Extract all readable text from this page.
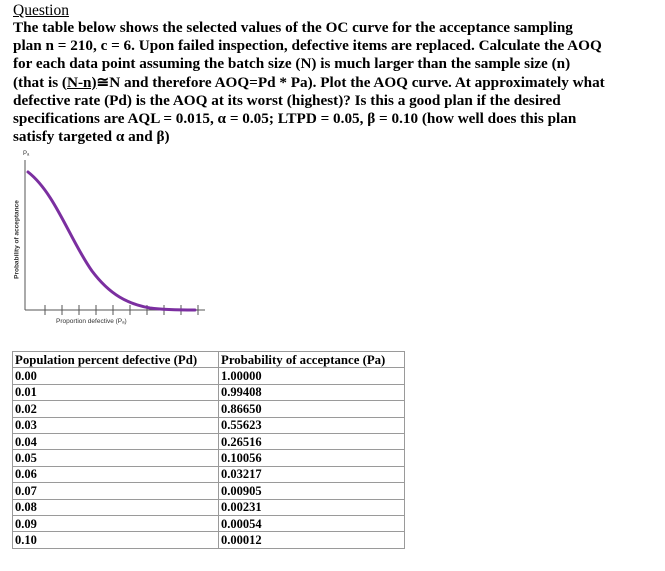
Question

The table below shows the selected values of the OC curve for the acceptance sampling

plan n = 210, c = 6. Upon failed inspection, defective items are replaced. Calculate the AOQ

for each data point assuming the batch size (N) is much larger than the sample size (n)

(that is (N-n)≅N and therefore AOQ=Pd * Pa). Plot the AOQ curve. At approximately what

defective rate (Pd) is the AOQ at its worst (highest)? Is this a good plan if the desired

specifications are AQL = 0.015, α = 0.05; LTPD = 0.05, β = 0.10 (how well does this plan

satisfy targeted α and β)

Pₐ
Probability of acceptance
Proportion defective (Pₐ)
Population percent defective (Pd)	Probability of acceptance (Pa)
0.00	1.00000
0.01	0.99408
0.02	0.86650
0.03	0.55623
0.04	0.26516
0.05	0.10056
0.06	0.03217
0.07	0.00905
0.08	0.00231
0.09	0.00054
0.10	0.00012
